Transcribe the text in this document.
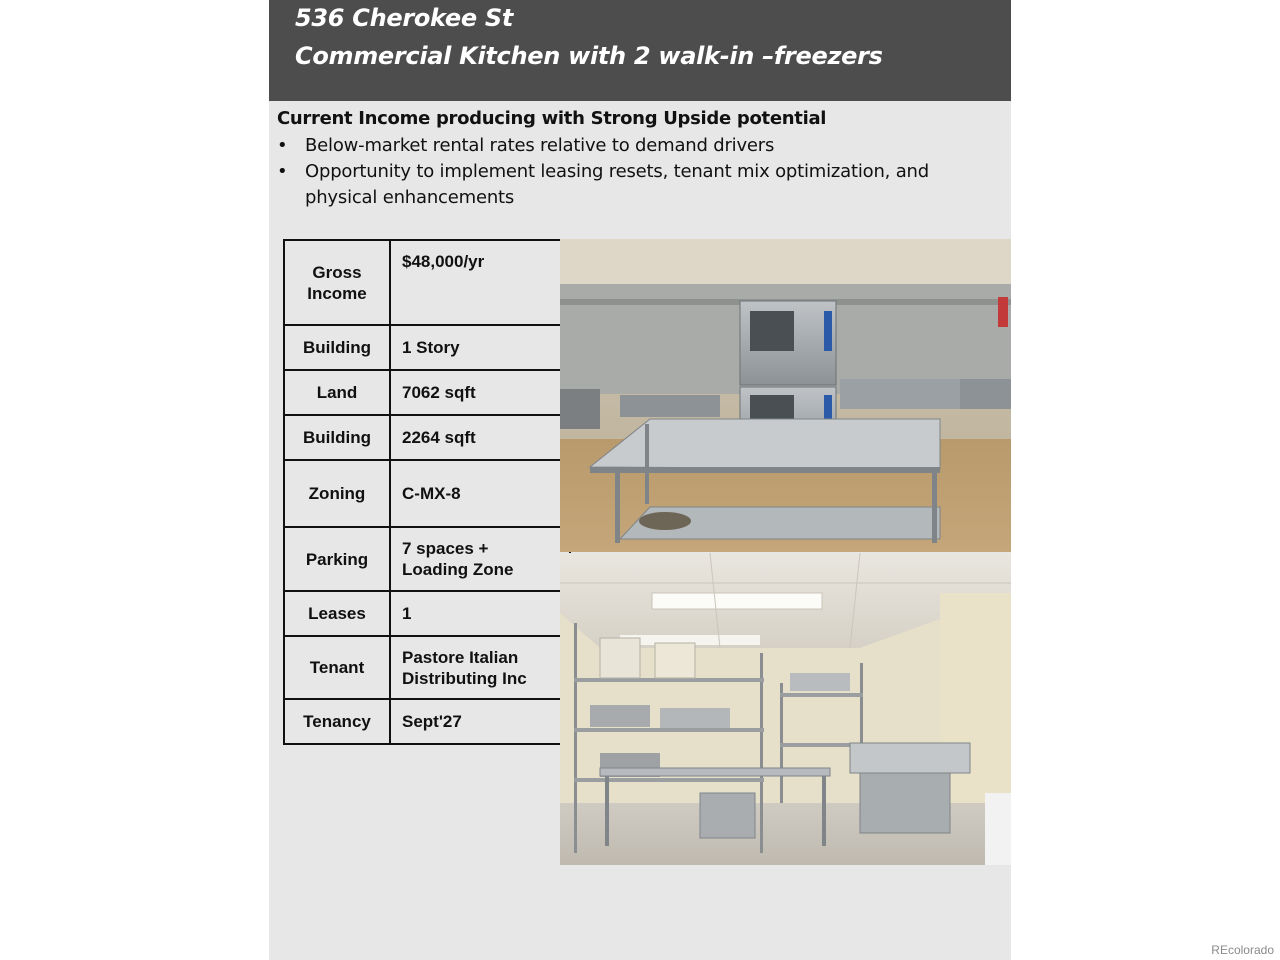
536 Cherokee St
Commercial Kitchen with 2 walk-in –freezers
Current Income producing with Strong Upside potential
• Below-market rental rates relative to demand drivers
• Opportunity to implement leasing resets, tenant mix optimization, and physical enhancements
Gross Income	$48,000/yr
Building	1 Story
Land	7062 sqft
Building	2264 sqft
Zoning	C-MX-8
Parking	7 spaces + Loading Zone

Leases	1
Tenant	Pastore Italian Distributing Inc

Tenancy	Sept'27
REcolorado
